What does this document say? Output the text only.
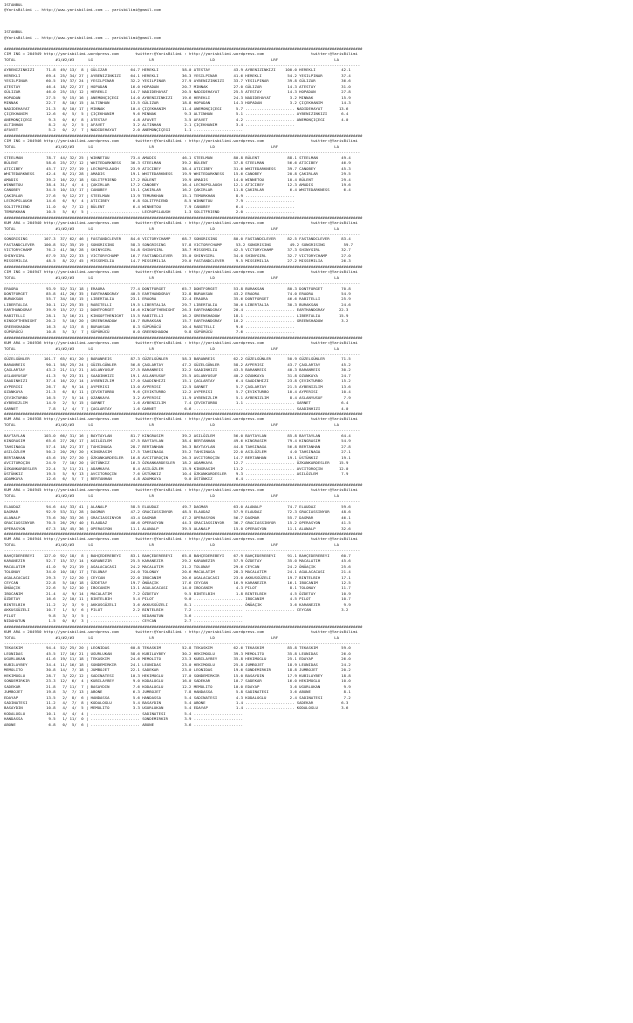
ISTANBUL
@YarisBilimi -- http://www.yarisbilimi.com -- yarisbilimi@gmail.com

ISTANBUL
@YarisBilimi -- http://www.yarisbilimi.com -- yarisbilimi@gmail.com

#########################################################################################################################################################
CIM ING = 204949 http://yarisbilimi.wordpress.com       twitter:@YarisBilimi : http://yarisbilimi.wordpress.com                    twitter:@YarisBilimi
TOTAL                 #1/#2/#3      LG                        LR                        LD                        LRF                        LA
--------------------------------------------------------------------------------------------------------------------------------------------------------
AYBENIZINKIZI     71.8  49/ 13/  8 | GÜLIZAR          64.7 HEREKLI          58.0 ATESTAY          43.9 AYBENIZINKIZI    100.0 HEREKLI           42.1
HEREKLI           69.4  25/ 34/ 27 | AYBENIZINKIZI    64.1 HEREKLI          36.3 YESILPINAR       41.6 HEREKLI           54.2 YESILPINAR        37.4
YESILPINAR        60.5  19/ 37/ 24 | YESILPINAR       32.2 YESILPINAR       27.9 AYBENIZINKIZI    33.7 YESILPINAR        39.8 GÜLIZAR           36.6
ATESTAY           46.4  18/ 22/ 27 | HOPADAN          16.0 HOPADAN          20.7 MINNAK           27.0 GÜLIZAR           14.3 ATESTAY           31.0
GÜLIZAR           46.0  25/ 15/ 12 | HEREKLI          14.7 NADIDEHAYAT      20.5 NADIDEHAYAT      25.5 ATESTAY           14.3 HOPADAN           27.8
HOPADAN           27.5   9/ 15/ 16 | ANEMONÇIÇEGI     14.0 AYBENIZINKIZI    19.6 HEREKLI          24.3 NADIDEHAYAT        3.2 MINNAK            15.9
MINNAK            22.7   8/ 10/ 15 | ALTINHAN         13.5 GÜLIZAR          18.8 HOPADAN          14.3 HOPADAN            3.2 ÇIÇEKHANIM        14.3
NADIDEHAYAT       21.3   8/ 10/ 17 | MINNAK           10.4 ÇIÇEKHANIM       11.4 ANEMONÇIÇEGI      5.7 ..................... NADIDEHAYAT       13.6
ÇIÇEKHANIM        12.6   6/  5/  5 | ÇIÇEKHANIM        9.6 MINNAK            9.3 ALTINHAN          5.1 ..................... AYBENIZINKIZI      6.4
ANEMONÇIÇEGI       9.3   0/  6/  8 | ATESTAY           4.8 AFAVET            3.5 AFAVET            4.2 ..................... ANEMONÇIÇEGI       4.0
ALTINHAN           8.2   4/  2/  5 | AFAVET            3.2 ALTINHAN          2.1 ÇIÇEKHANIM        3.4 .....................
AFAVET             5.2   0/  2/  7 | NADIDEHAYAT       2.0 ANEMONÇIÇEGI      1.1 .....................
#########################################################################################################################################################
CIM ING = 204946 http://yarisbilimi.wordpress.com       twitter:@YarisBilimi : http://yarisbilimi.wordpress.com                    twitter:@YarisBilimi
TOTAL                 #1/#2/#3      LG                        LR                        LD                        LRF                        LA
--------------------------------------------------------------------------------------------------------------------------------------------------------
STEELMAN          78.7  44/ 32/ 25 | WINNETOU         73.4 AMADIS           46.1 STEELMAN         80.8 BÜLENT            88.1 STEELMAN          49.4
BÜLENT            58.6  25/ 27/ 12 | WHITEDARKNESS    36.3 STEELMAN         39.2 BÜLENT           37.8 STEELMAN          56.6 ATICIBEY          46.9
ATICIBEY          45.7  17/ 27/ 19 | LECROPSLAUGH     23.9 ATICIBEY         38.4 ATICIBEY         31.6 WHITEDARKNESS     39.7 CANOBEY           45.3
WHITEDARKNESS     42.4   8/ 21/ 28 | AMADIS           19.1 WHITEDARKNESS    19.9 WHITEDARKNESS    15.6 CANOBEY           20.8 ÇAKIRLAR          29.5
AMADIS            39.2  16/ 22/ 18 | SOLITFRIEND      17.2 BÜLENT           19.9 AMADIS           14.0 WINNETOU          10.4 BÜLENT            29.4
WINNETOU          38.4  31/  4/  4 | ÇAKIRLAR         17.2 CANOBEY          16.4 LECROPSLAUGH     12.1 ATICIBEY          12.3 AMADIS            19.6
CANOBEY           34.5  10/ 13/ 17 | CANOBEY          15.1 ÇAKIRLAR         16.2 ÇAKIRLAR         11.8 ÇAKIRLAR           6.4 WHITEDARKNESS      6.4
ÇAKIRLAR          27.6   9/ 12/ 27 | STEELMAN         13.9 TEMURKHAN        15.1 TEMURKHAN         8.9 .....................
LECROPSLAUGH      14.6   6/  9/  4 | ATICIBEY          6.8 SOLITFRIEND       8.5 WINNETOU          7.9 .....................
SOLITFRIEND       11.0   0/  7/ 12 | BÜLENT            6.4 WINNETOU          7.9 CANOBEY           6.4 .....................
TEMURKHAN         10.5   5/  6/  5 | ..................... LECROPSLAUGH      1.3 SOLITFRIEND       2.0 .....................
#########################################################################################################################################################
KUM ARA = 204940 http://yarisbilimi.wordpress.com       twitter:@YarisBilimi : http://yarisbilimi.wordpress.com                    twitter:@YarisBilimi
TOTAL                 #1/#2/#3      LG                        LR                        LD                        LRF                        LA
--------------------------------------------------------------------------------------------------------------------------------------------------------
SONGRISING       107.3  37/ 62/ 46 | FASTANDCLEVER    84.6 VICTORYCHAMP     68.7 SONGRISING       80.0 FASTANDCLEVER     82.5 FASTANDCLEVER     83.4
FASTANDCLEVER    100.8  52/ 35/ 19 | SONGRISING       58.3 SONGRISING       57.8 VICTORYCHAMP      53.2 SONGRISING        49.2 SONGRISING        59.7
VICTORYCHAMP      76.2  41/ 30/ 28 | SHINYGIRL        54.8 SHINYGIRL        38.7 MISSEMILIA       42.5 VICTORYCHAMP      37.3 SHINYGIRL         32.7
SHINYGIRL         67.9  33/ 22/ 33 | VICTORYCHAMP     16.7 FASTANDCLEVER    35.0 SHINYGIRL        34.0 SHINYGIRL         32.7 VICTORYCHAMP      27.0
MISSEMILIA        48.5   8/ 22/ 45 | MISSEMILIA       14.7 MISSEMILIA       29.0 FASTANDCLEVER     9.5 MISSEMILIA        27.2 MISSEMILIA        26.3
#########################################################################################################################################################
CIM ING = 204947 http://yarisbilimi.wordpress.com       twitter:@YarisBilimi : http://yarisbilimi.wordpress.com                    twitter:@YarisBilimi
TOTAL                 #1/#2/#3      LG                        LR                        LD                        LRF                        LA
--------------------------------------------------------------------------------------------------------------------------------------------------------
ERAORA            93.9  52/ 31/ 18 | ERAORA           77.4 DONTFORGET       65.7 DONTFORGET       53.8 BURAKSAN          80.3 DONTFORGET        70.8
DONTFORGET        85.8  41/ 26/ 35 | EARTHANDGRAY     40.5 EARTHANDGRAY     32.8 BURAKSAN         43.2 ERAORA            74.0 ERAORA            54.9
BURAKSAN          55.7  34/ 10/ 15 | LIBERTALIA       23.1 ERAORA           32.4 ERAORA           35.6 DONTFORGET        46.6 RABITELLI         25.9
LIBERTALIA        30.1  12/ 25/ 35 | RABITELLI        19.5 LIBERTALIA       29.7 LIBERTALIA       30.6 LIBERTALIA        30.3 BURAKSAN          24.6
EARTHANDGRAY      39.9  15/ 27/ 12 | DONTFORGET       16.6 KINGOFTHENIGHT   26.3 EARTHANDGRAY     20.4 ..................... EARTHANDGRAY      22.3
RABITELLI         28.1   3/ 16/ 21 | KINGOFTHENIGHT   15.5 RABITELLI        16.2 GREENSHADOW      18.1 ..................... LIBERTALIA        15.9
KINGOFTHENIGHT    20.2   5/ 10/ 20 | GREENSHADOW      10.7 BURAKSAN         15.7 EARTHANDGRAY     10.2 ..................... GREENSHADOW        3.2
GREENSHADOW       16.3   4/ 13/  8 | BURAKSAN          8.3 SÜPÜRÜCÜ         10.4 RABITELLI         9.6 .....................
SÜPÜRÜCÜ          10.8   5/  3/  7 | SÜPÜRÜCÜ          0.0 GREENSHADOW       9.8 SÜPÜRÜCÜ          7.6 .....................
#########################################################################################################################################################
KUM ARA = 204936 http://yarisbilimi.wordpress.com       twitter:@YarisBilimi : http://yarisbilimi.wordpress.com                    twitter:@YarisBilimi
TOTAL                 #1/#2/#3      LG                        LR                        LD                        LRF                        LA
--------------------------------------------------------------------------------------------------------------------------------------------------------
GÜZELGÜNLER      101.7  65/ 61/ 20 | BARANREIS        87.3 GÜZELGÜNLER      58.3 BARANREIS        62.2 GÜZELGÜNLER       50.9 GÜZELGÜNLER       71.5
BARANREIS         90.1  58/ 25/ 24 | GÜZELGÜNLER      56.8 ÇAGLARTAY        47.2 GÜZELGÜNLER      58.2 AYPERISI          43.7 ÇAGLARTAY         45.2
ÇAGLARTAY         43.2  21/ 11/ 21 | ASLANYUSUF       27.5 BARANREIS        32.2 SAADINHIZI       43.5 BARANREIS         40.3 BARANREIS         30.2
ASLANYUSUF        41.3   9/ 23/ 31 | SAADINHIZI       19.1 ASLANYUSUF       25.5 ASLANYUSUF       40.2 OZANKAYA          31.8 OZANKAYA          24.7
SAADINHIZI        37.4  16/ 22/ 14 | AYBENIZLIM       17.0 SAADINHIZI       15.1 ÇAGLARTAY         6.4 SAADINHIZI        23.8 ÇEVIKTURBO        15.2
AYPERISI          26.7   8/  9/ 14 | AYPERISI         13.0 AYPERISI         12.5 GARNET            5.7 ÇAGLARTAY         21.5 AYBENIZLIM        13.6
OZANKAYA          21.3   6/  8/ 11 | ÇEVIKTURBO        9.6 ÇEVIKTURBO       12.2 AYPERISI          5.7 ÇEVIKTURBO        10.4 AYPERISI          10.4
ÇEVIKTURBO        16.5   7/  5/ 14 | OZANKAYA          3.2 AYPERISI         11.9 AYBENIZLIM        5.1 AYBENIZLIM         8.4 ASLANYUSUF         7.9
AYBENIZLIM        14.9   2/  5/ 15 | GARNET            1.6 AYBENIZLIM        7.4 ÇEVIKTURBO        1.1 ..................... GARNET             6.4
GARNET             7.8   1/  4/  7 | ÇAGLARTAY         1.6 GARNET            6.6 ..................... ..................... SAADINHIZI         4.0
#########################################################################################################################################################
KUM ARA = 204938 http://yarisbilimi.wordpress.com       twitter:@YarisBilimi : http://yarisbilimi.wordpress.com                    twitter:@YarisBilimi
TOTAL                 #1/#2/#3      LG                        LR                        LD                        LRF                        LA
--------------------------------------------------------------------------------------------------------------------------------------------------------
BAYTAYLAN        103.0  66/ 31/ 16 | BAYTAYLAN        81.7 KINGRASIM        39.2 ASILÖZLEM        56.0 BAYTAYLAN         85.8 BAYTAYLAN         64.4
KINGRASIM         65.6  27/ 28/ 17 | ASILÖZLEM        47.5 BAYTAYLAN        38.4 BERTANHAN        49.6 KINGRASIM         79.4 KINGRASIM         54.9
TAHSINAGA         57.4  18/ 21/ 37 | TAHSINAGA        28.7 BERTANHAN        36.3 BAYTAYLAN        44.8 TAHSINAGA         56.8 BERTANHAN         27.8
ASILÖZLEM         50.2  20/ 29/ 20 | KINGRASIM        17.5 TAHSINAGA        35.2 TAHSINAGA        22.0 ASILÖZLEM          4.0 TAHSINAGA         27.1
BERTANHAN         45.6  19/ 27/ 20 | ÖZKANKARDESLER   16.8 AVCITOROÇIN      26.3 AVCITOROÇIN      14.7 BERTANHAN         19.1 ÜSTÜNKIZ          19.1
AVCITOROÇIN       24.9   7/ 10/ 20 | ÜSTÜNKIZ         16.3 ÖZKANKARDESLER   18.2 ADAMKAYA         12.7 ..................... ÖZKANKARDESLER    15.9
ÖZKANKARDESLER    22.4   3/ 11/ 21 | ADAMKAYA          8.4 ASILÖZLEM        15.9 KINGRASIM        11.2 ..................... AVCITOROÇIN       12.0
ÜSTÜNKIZ          19.5   5/  9/ 13 | AVCITOROÇIN       7.6 ÜSTÜNKIZ         10.4 ÖZKANKARDESLER    9.3 ..................... ASILÖZLEM          7.9
ADAMKAYA          12.6   6/  5/  7 | BERTANHAN         4.8 ADAMKAYA          9.0 ÜSTÜNKIZ          6.4 .....................
#########################################################################################################################################################
KUM ARA = 204945 http://yarisbilimi.wordpress.com       twitter:@YarisBilimi : http://yarisbilimi.wordpress.com                    twitter:@YarisBilimi
TOTAL                 #1/#2/#3      LG                        LR                        LD                        LRF                        LA
--------------------------------------------------------------------------------------------------------------------------------------------------------
ELAUDAZ           94.6  44/ 33/ 41 | ALANALP          58.5 ELAUDAZ          49.7 DAGMAR           63.0 ALANALP           74.7 ELAUDAZ           59.6
DAGMAR            92.9  53/ 31/ 28 | DAGMAR           47.2 GRACIASSINYOR    48.5 ELAUDAZ          57.9 ELAUDAZ           72.3 GRACIASSINYOR     48.6
ALANALP           75.6  30/ 33/ 26 | GRACIASSINYOR    43.4 DAGMAR           47.2 OPERASYON        56.7 DAGMAR            55.7 DAGMAR            46.1
GRACIASSINYOR     70.5  26/ 29/ 40 | ELAUDAZ          40.6 OPERASYON        44.3 GRACIASSINYOR    36.7 GRACIASSINYOR     15.2 OPERASYON         41.5
OPERASYON         67.3  18/ 45/ 36 | OPERASYON        11.1 ALANALP          39.5 ALANALP          15.0 OPERASYON         11.1 ALANALP           32.6
#########################################################################################################################################################
KUM ARA = 204944 http://yarisbilimi.wordpress.com       twitter:@YarisBilimi : http://yarisbilimi.wordpress.com                    twitter:@YarisBilimi
TOTAL                 #1/#2/#3      LG                        LR                        LD                        LRF                        LA
--------------------------------------------------------------------------------------------------------------------------------------------------------
BAHÇEDEREBEYI    127.0  92/ 18/  8 | BAHÇEDEREBEYI    83.1 BAHÇEDEREBEYI    65.8 BAHÇEDEREBEYI    67.9 BAHÇEDEREBEYI     91.1 BAHÇEDEREBEYI     60.7
KARANEZIR         52.7  15/ 37/ 14 | KARANEZIR        25.5 KARANEZIR        29.2 KARANEZIR        57.9 ÖZDETAY           35.0 MACALATIM         45.6
MACALATIM         41.0   9/ 21/ 19 | AGALACACASI      24.2 MACALATIM        21.2 TOLONAY          29.6 CEYCAN            24.2 ÖNÜAÇIK           25.6
TOLONAY           34.0  10/ 18/ 17 | TOLONAY          24.0 TOLONAY          20.6 MACALATIM        28.3 MACALATIM         24.1 AGALACACASI       21.4
AGALACACASI       29.3   7/ 12/ 20 | CEYCAN           22.0 IBOCANIM         20.6 AGALACACASI      23.0 AKKUSGÜZELI       19.7 BINTELBIH         17.1
CEYCAN            22.8   5/ 10/ 18 | ÖZDETAY          19.7 ÖNÜAÇIK          17.6 CEYCAN           16.9 KARANEZIR         16.1 IBOCANIM          12.5
ÖNÜAÇIK           22.6   5/ 12/ 10 | IBOCANIM         13.1 AGALACACASI      14.0 IBOCANIM          4.3 PILOT              8.1 TOLONAY           11.7
IBOCANIM          21.4   4/  9/ 14 | MACALATIM         7.2 ÖZDETAY           9.5 BINTELBIH         1.8 BINTELBIH          4.5 ÖZDETAY           10.9
ÖZDETAY           16.6   2/ 10/ 11 | BINTELBIH         5.4 PILOT             9.0 ..................... IBOCANIM           4.5 PILOT             10.7
BINTELBIH         11.2   2/  3/  9 | AKKUSGÜZELI       3.6 AKKUSGÜZELI       8.1 ..................... ÖNÜAÇIK            3.6 KARANEZIR          9.9
AKKUSGÜZELI       10.7   1/  5/  6 | PILOT             2.2 BINTELBIH         7.2 ..................... ..................... CEYCAN             3.2
PILOT              9.8   3/  3/  5 | ..................... NIDAHATUN         3.6 .....................
NIDAHATUN          1.5   0/  0/  3 | ..................... CEYCAN            2.7 .....................
#########################################################################################################################################################
KUM ARA = 204950 http://yarisbilimi.wordpress.com       twitter:@YarisBilimi : http://yarisbilimi.wordpress.com                    twitter:@YarisBilimi
TOTAL                 #1/#2/#3      LG                        LR                        LD                        LRF                        LA
--------------------------------------------------------------------------------------------------------------------------------------------------------
TEKASKIM          94.4  52/ 25/ 20 | LEONIDAS         60.8 TEKASKIM         52.8 TEKASKIM         62.6 TEKASKIM          85.8 TEKASKIM          59.0
LEONIDAS          45.5  17/ 16/ 21 | UGURLUKAN        58.6 KUBILAYBEY       30.2 HEKIMOGLU        39.3 MEMOLITO          35.8 LEONIDAS          26.0
UGURLUKAN         41.6  19/ 11/ 18 | TEKASKIM         24.6 MEMOLITO         23.3 KUBILAYBEY       35.8 HEKIMOGLU         25.1 EDAYAP            26.0
KUBILAYBEY        34.4  11/ 16/ 18 | SONDEMIRKIR      24.1 LEONIDAS         23.0 HEKIMOGLU        25.8 JUMBOJET          18.9 LEONIDAS          24.2
MEMOLITO          30.8  14/  7/ 18 | JUMBOJET         22.1 SADEKAR          23.0 LEONIDAS         19.6 SONDEMIRKIR       18.8 JUMBOJET          20.2
HEKIMOGLU         28.7   3/ 22/ 12 | SADINATESI       10.3 HEKIMOGLU        17.0 SONDEMIRKIR      15.0 BASAYDIN          17.9 KUBILAYBEY        18.8
SONDEMIRKIR       23.3  12/  6/  4 | KUBILAYBEY        9.0 KODALOGLU        16.0 SADEKAR          10.7 SADEKAR           16.0 HEKIMOGLU         10.0
SADEKAR           21.8   7/ 11/  7 | BASAYDIN          7.6 KODALOGLU        12.2 MEMOLITO         10.0 EDAYAP             3.6 UGURLUKAN          9.9
JUMBOJET          19.8   3/  7/ 13 | ABONE             6.3 JUMBOJET          7.8 HANDASSA          5.8 SADINATESI         3.6 ABONE              8.1
EDAYAP            13.5   2/  8/  6 | HANDASSA          5.6 HANDASSA          5.4 SADINATESI        4.3 KODALOGLU          2.4 SADINATESI         7.2
SADINATESI        11.2   4/  7/  8 | KODALOGLU         5.4 BASAYDIN          5.4 ABONE             1.4 ..................... SADEKAR            6.3
BASAYDIN          10.8   4/  4/  5 | MEMOLITO          3.3 UGURLUKAN         5.4 EDAYAP            1.4 ..................... KODALOGLU          3.6
KODALOGLU         10.1   4/  4/  4 | ..................... SADINATESI        5.4 .....................
HANDASSA           9.5   1/ 11/  0 | ..................... SONDEMIRKIR       3.9 .....................
ABONE              6.8   0/  5/  6 | ..................... ABONE             3.6 .....................
